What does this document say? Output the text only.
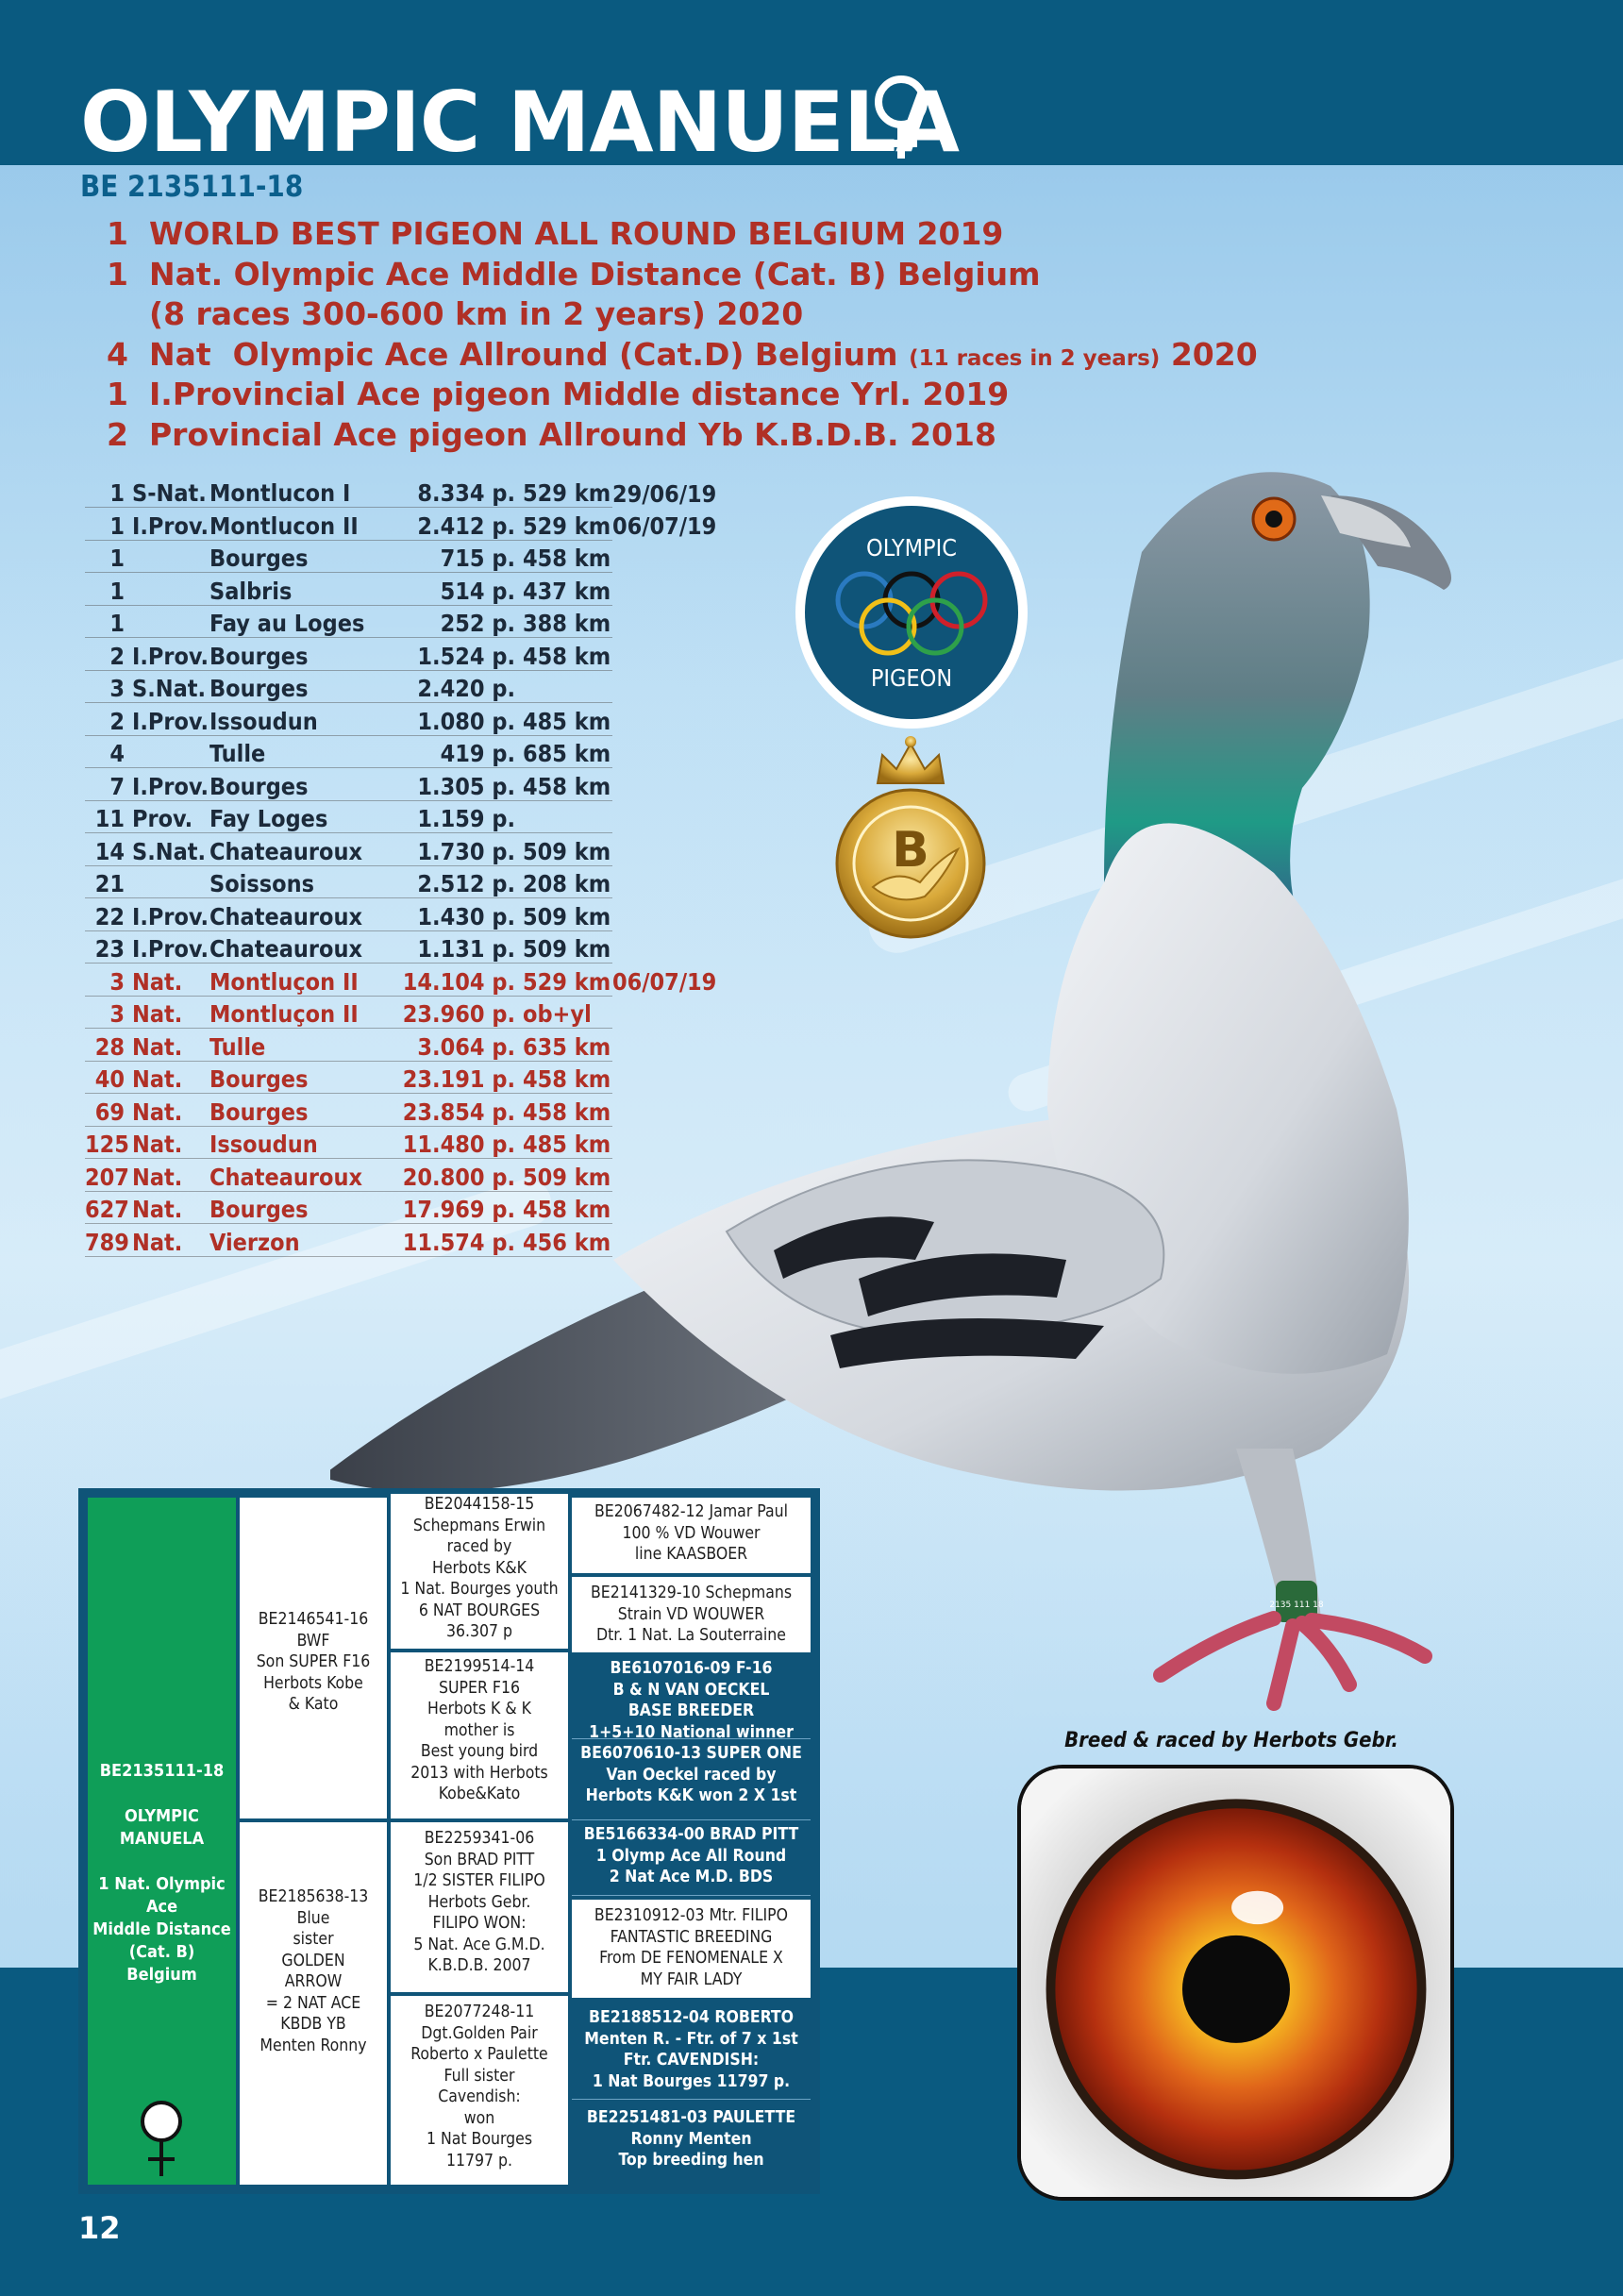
OLYMPIC MANUELA
BE 2135111-18
1 WORLD BEST PIGEON ALL ROUND BELGIUM 2019
1 Nat. Olympic Ace Middle Distance (Cat. B) Belgium
(8 races 300-600 km in 2 years) 2020
4 Nat  Olympic Ace Allround (Cat.D) Belgium (11 races in 2 years) 2020
1 I.Provincial Ace pigeon Middle distance Yrl. 2019
2 Provincial Ace pigeon Allround Yb K.B.D.B. 2018
1 S-Nat. Montlucon I	8.334 p. 529 km 29/06/19
1 I.Prov. Montlucon II	2.412 p. 529 km 06/07/19
1	Bourges	715 p. 458 km
1	Salbris	514 p. 437 km
1	Fay au Loges	252 p. 388 km
2 I.Prov. Bourges	1.524 p. 458 km
3 S.Nat. Bourges	2.420 p.
2 I.Prov. Issoudun	1.080 p. 485 km
4	Tulle	419 p. 685 km
7 I.Prov. Bourges	1.305 p. 458 km
11 Prov. Fay Loges	1.159 p.
14 S.Nat. Chateauroux	1.730 p. 509 km
21	Soissons	2.512 p. 208 km
22 I.Prov. Chateauroux	1.430 p. 509 km
23 I.Prov. Chateauroux	1.131 p. 509 km
3 Nat.	Montluçon II	14.104 p. 529 km 06/07/19
3 Nat.	Montluçon II	23.960 p. ob+yl
28 Nat.	Tulle	3.064 p. 635 km
40 Nat.	Bourges	23.191 p. 458 km
69 Nat.	Bourges	23.854 p. 458 km
125 Nat.	Issoudun	11.480 p. 485 km
207 Nat.	Chateauroux	20.800 p. 509 km
627 Nat.	Bourges	17.969 p. 458 km
789 Nat.	Vierzon	11.574 p. 456 km
OLYMPIC
PIGEON
B
2135 111 18
BE2135111-18

OLYMPIC
MANUELA

1 Nat. Olympic
Ace
Middle Distance
(Cat. B)
Belgium
BE2146541-16
BWF
Son SUPER F16
Herbots Kobe
& Kato
BE2185638-13
Blue
sister
GOLDEN
ARROW
= 2 NAT ACE
KBDB YB
Menten Ronny
BE2044158-15
Schepmans Erwin
raced by
Herbots K&K
1 Nat. Bourges youth
6 NAT BOURGES
36.307 p
BE2199514-14
SUPER F16
Herbots K & K
mother is
Best young bird
2013 with Herbots
Kobe&Kato
BE2259341-06
Son BRAD PITT
1/2 SISTER FILIPO
Herbots Gebr.
FILIPO WON:
5 Nat. Ace G.M.D.
K.B.D.B. 2007
BE2077248-11
Dgt.Golden Pair
Roberto x Paulette
Full sister
Cavendish:
won
1 Nat Bourges
11797 p.
BE2067482-12 Jamar Paul
100 % VD Wouwer
line KAASBOER
BE2141329-10 Schepmans
Strain VD WOUWER
Dtr. 1 Nat. La Souterraine
BE6107016-09 F-16
B & N VAN OECKEL
BASE BREEDER
1+5+10 National winner
BE6070610-13 SUPER ONE
Van Oeckel raced by
Herbots K&K won 2 X 1st
BE5166334-00 BRAD PITT
1 Olymp Ace All Round
2 Nat Ace M.D. BDS
BE2310912-03 Mtr. FILIPO
FANTASTIC BREEDING
From DE FENOMENALE X
MY FAIR LADY
BE2188512-04 ROBERTO
Menten R. - Ftr. of 7 x 1st
Ftr. CAVENDISH:
1 Nat Bourges 11797 p.
BE2251481-03 PAULETTE
Ronny Menten
Top breeding hen
Breed & raced by Herbots Gebr.
12
